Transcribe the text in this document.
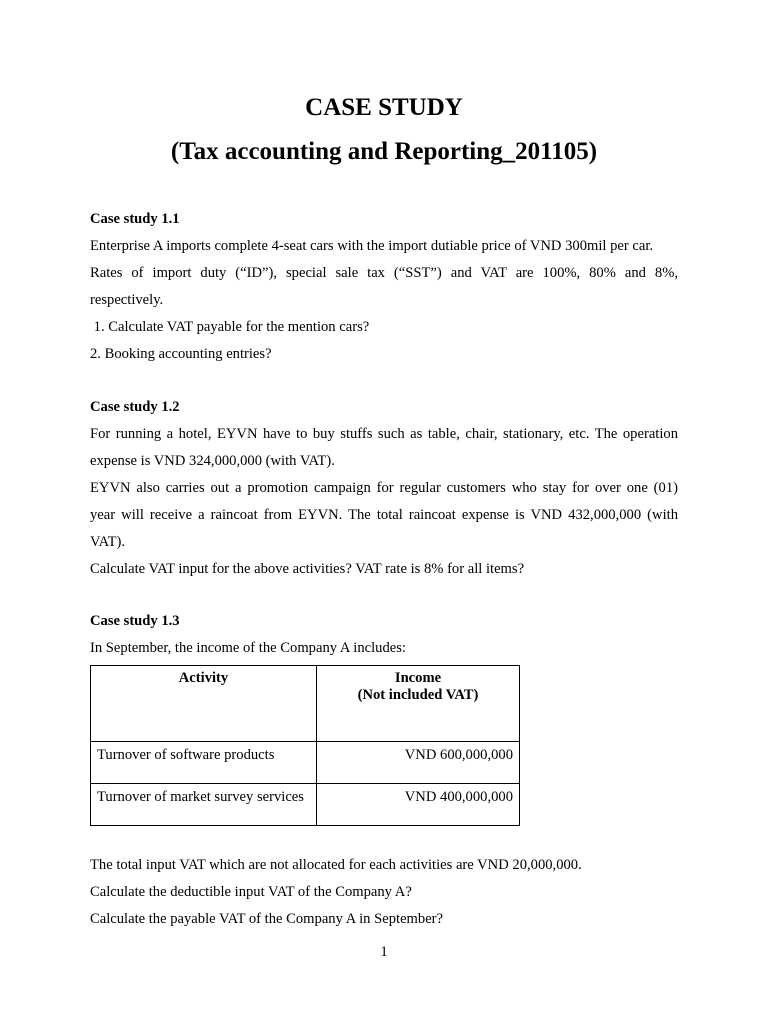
CASE STUDY
(Tax accounting and Reporting_201105)

Case study 1.1

Enterprise A imports complete 4-seat cars with the import dutiable price of VND 300mil per car.

Rates of import duty (“ID”), special sale tax (“SST”) and VAT are 100%, 80% and 8%,

respectively.

1. Calculate VAT payable for the mention cars?

2. Booking accounting entries?

Case study 1.2

For running a hotel, EYVN have to buy stuffs such as table, chair, stationary, etc. The operation

expense is VND 324,000,000 (with VAT).

EYVN also carries out a promotion campaign for regular customers who stay for over one (01)

year will receive a raincoat from EYVN. The total raincoat expense is VND 432,000,000 (with

VAT).

Calculate VAT input for the above activities? VAT rate is 8% for all items?

Case study 1.3

In September, the income of the Company A includes:

Activity	Income
(Not included VAT)

Turnover of software products	VND 600,000,000
Turnover of market survey services	VND 400,000,000

The total input VAT which are not allocated for each activities are VND 20,000,000.

Calculate the deductible input VAT of the Company A?

Calculate the payable VAT of the Company A in September?

1
